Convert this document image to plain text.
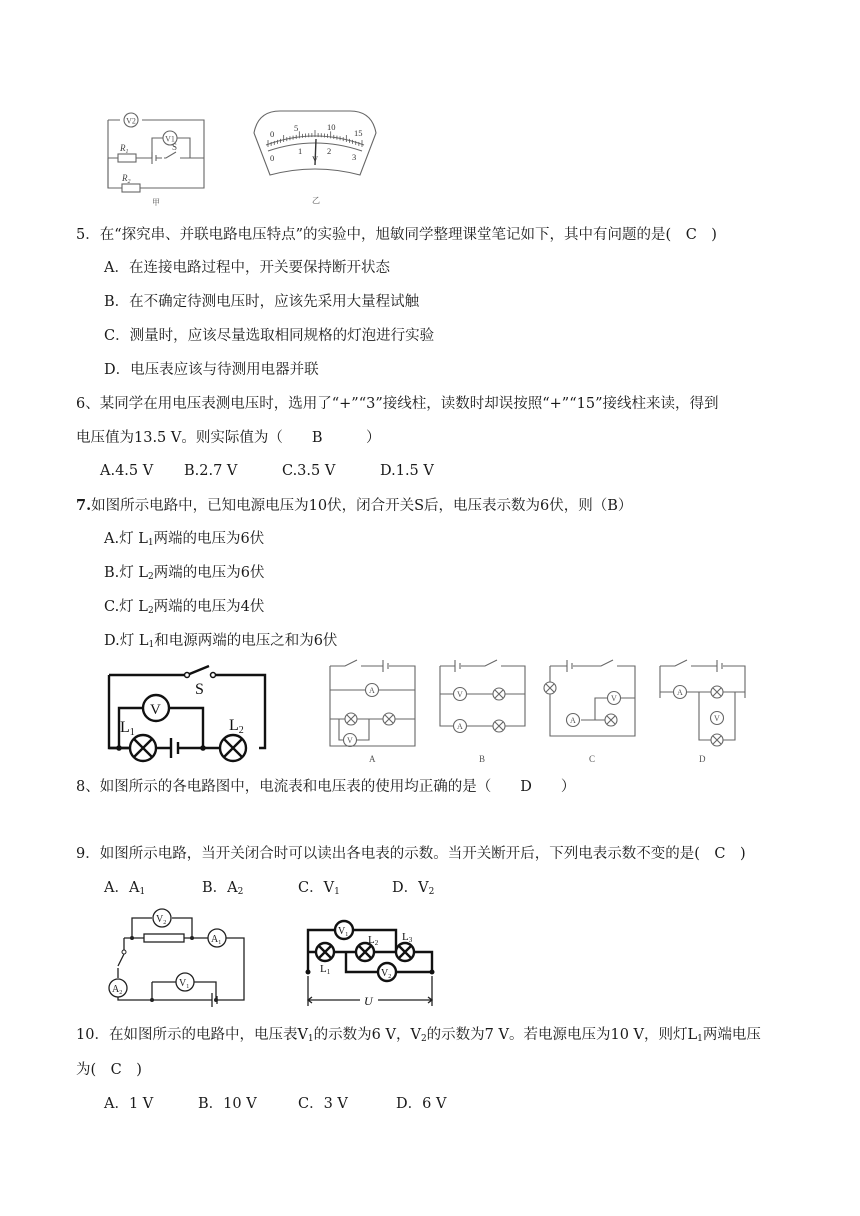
V2
V1
$R_1$	S
$R_2$
甲
0
5	10
15
0
1	2
3
V
乙
5．在“探究串、并联电路电压特点”的实验中，旭敏同学整理课堂笔记如下，其中有问题的是(　C　)
A．在连接电路过程中，开关要保持断开状态
B．在不确定待测电压时，应该先采用大量程试触
C．测量时，应该尽量选取相同规格的灯泡进行实验
D．电压表应该与待测用电器并联
6、某同学在用电压表测电压时，选用了“+”“3”接线柱，读数时却误按照“+”“15”接线柱来读，得到
电压值为13.5 V。则实际值为（　　B　　　）
A.4.5 V B.2.7 V	C.3.5 V	D.1.5 V
7.如图所示电路中，已知电源电压为10伏，闭合开关S后，电压表示数为6伏，则（B）
A.灯 $L_1$两端的电压为6伏
B.灯 $L_2$两端的电压为6伏
C.灯 $L_2$两端的电压为4伏
D.灯 $L_1$和电源两端的电压之和为6伏
S
V
L1	L2
A
V
A
V
A
B
A
V
C
A
V
D
8、如图所示的各电路图中，电流表和电压表的使用均正确的是（　　D　　）
9．如图所示电路，当开关闭合时可以读出各电表的示数。当开关断开后，下列电表示数不变的是(　C　)
A．$A_1$	B．$A_2$	C．$V_1$	D．$V_2$
$V_2$
$A_1$
$A_2$
$V_1$
$V_1$
$V_2$
U
L1
L2 L3
10．在如图所示的电路中，电压表$V_1$的示数为6 V，$V_2$的示数为7 V。若电源电压为10 V，则灯$L_1$两端电压
为(　C　)
A．1 V	B．10 V	C．3 V	D．6 V
